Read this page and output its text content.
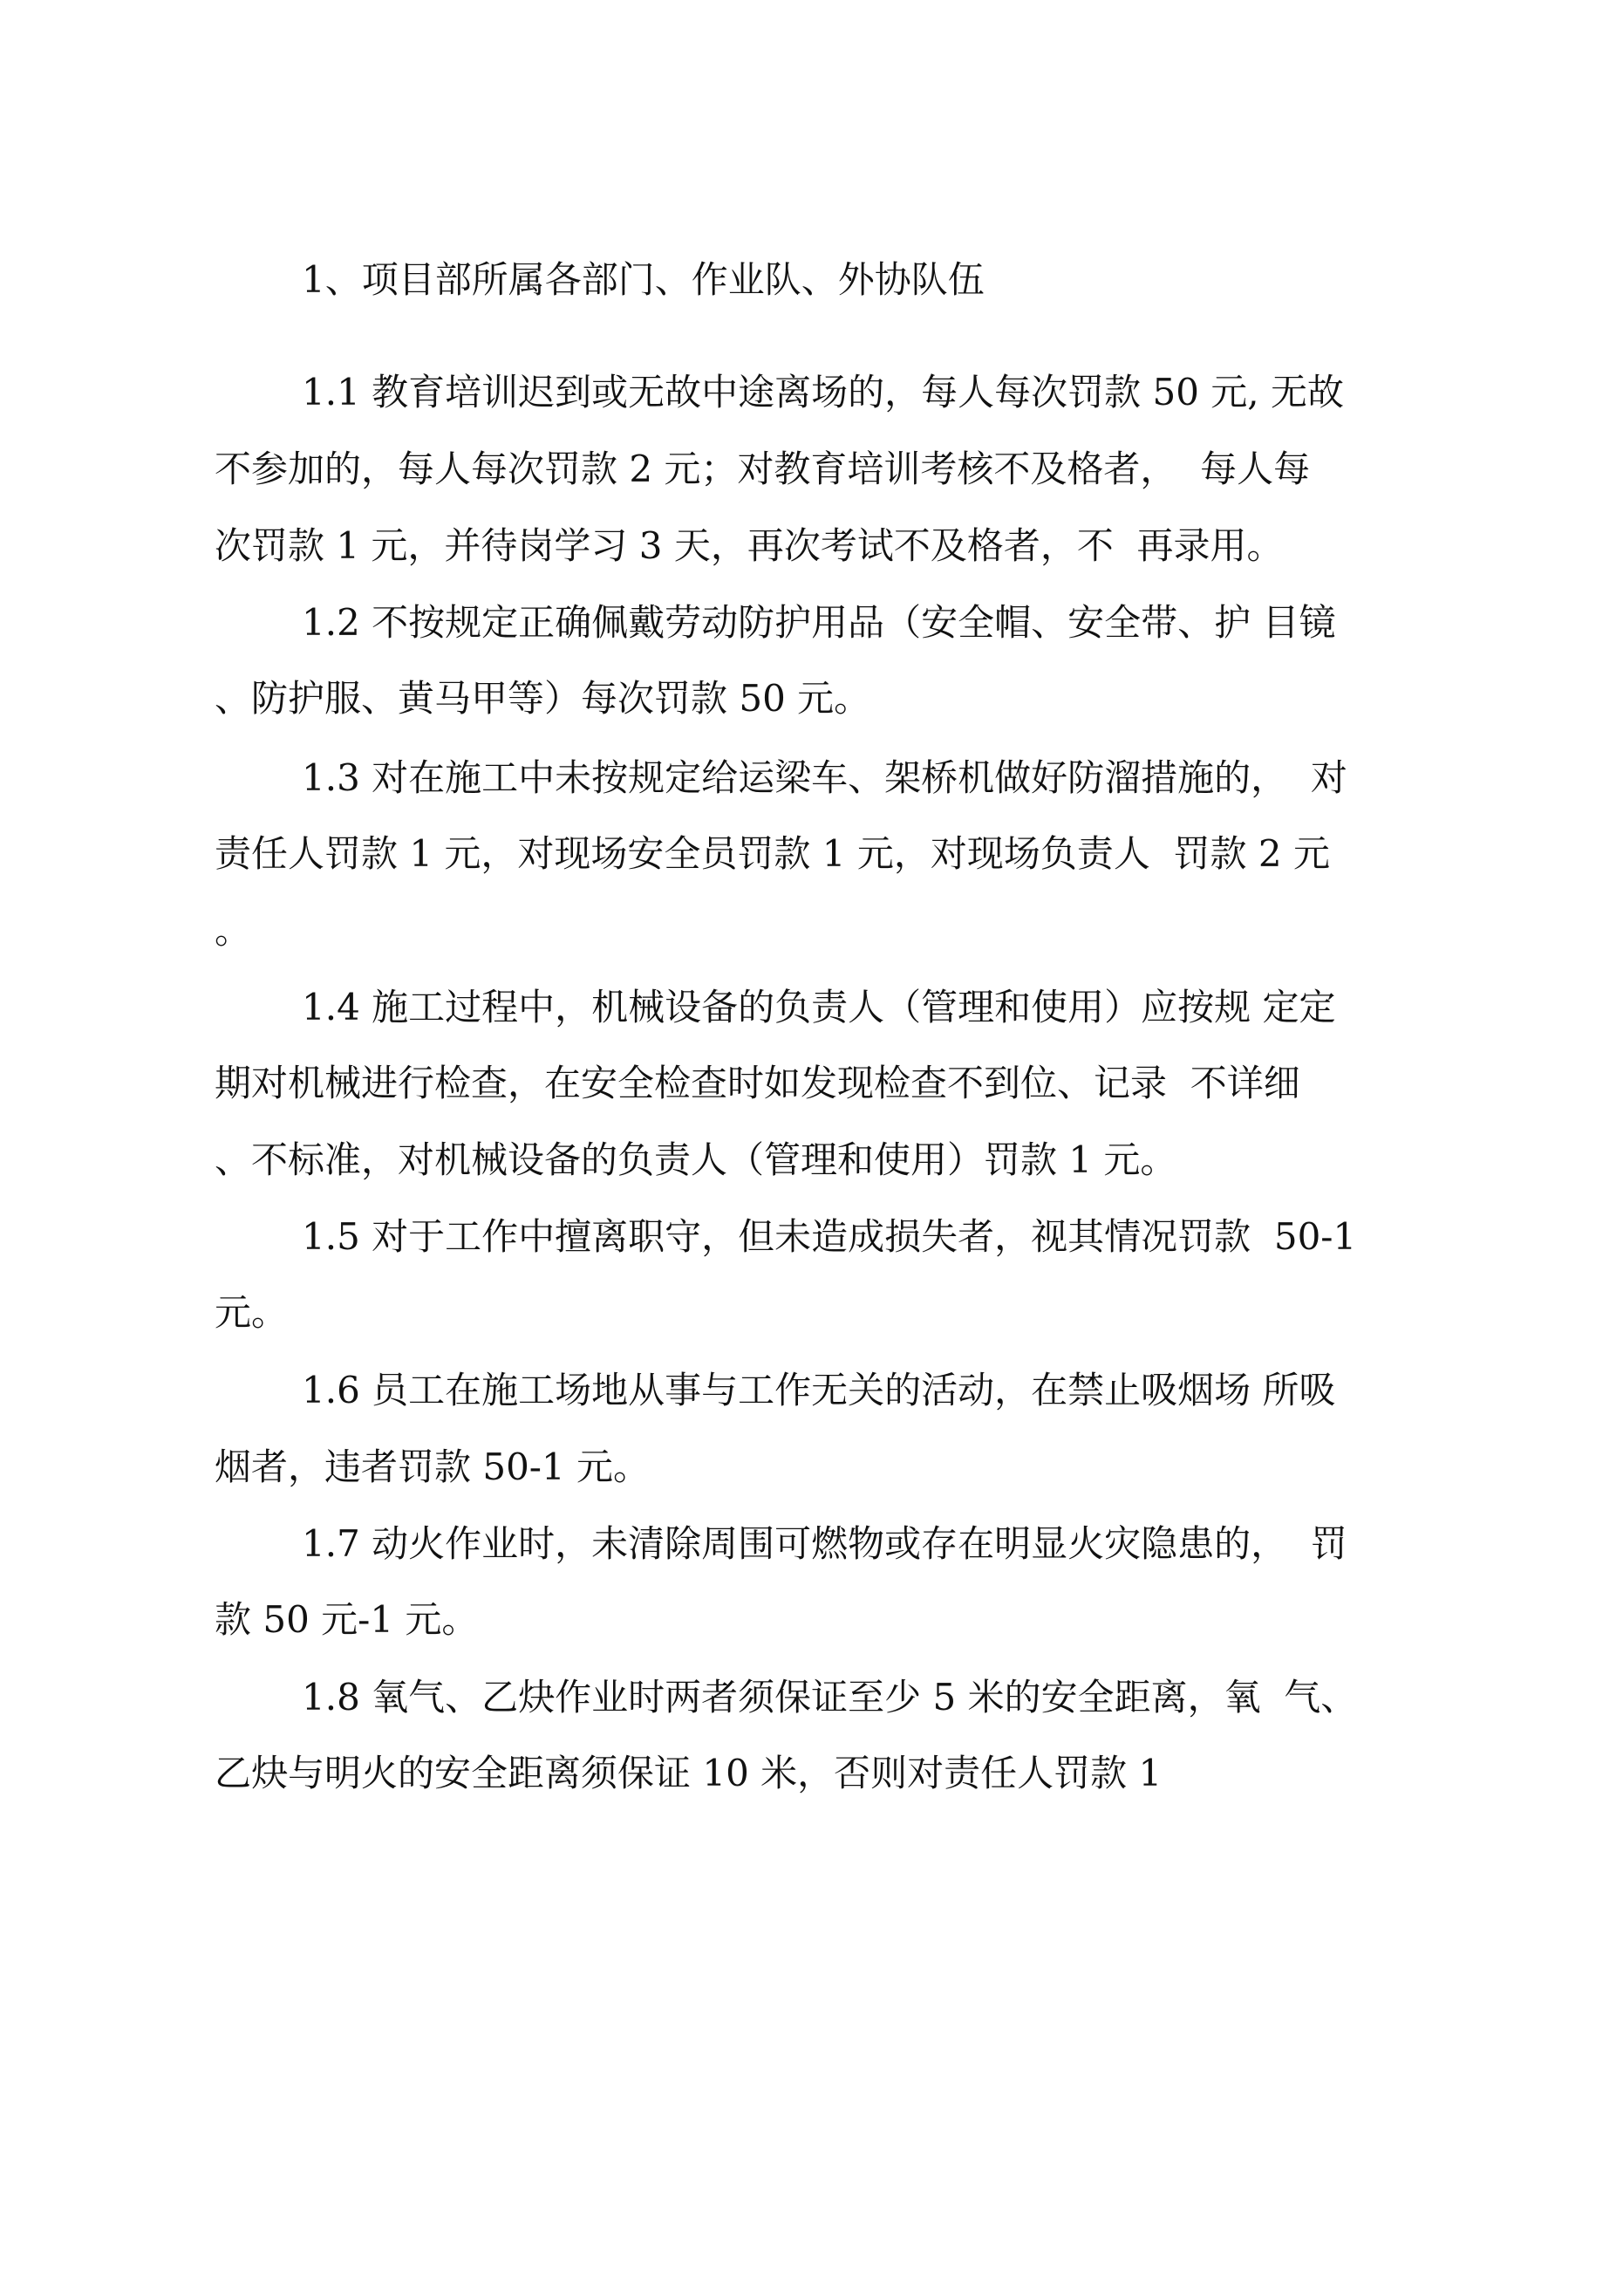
1、项目部所属各部门、作业队、外协队伍
1.1 教育培训迟到或无故中途离场的，每人每次罚款 50 元, 无故
不参加的，每人每次罚款 2 元；对教育培训考核不及格者，  每人每
次罚款 1 元，并待岗学习 3 天，再次考试不及格者，不  再录用。
1.2 不按规定正确佩戴劳动防护用品（安全帽、安全带、护 目镜
、防护服、黄马甲等）每次罚款 50 元。
1.3 对在施工中未按规定给运梁车、架桥机做好防溜措施的，  对
责任人罚款 1 元，对现场安全员罚款 1 元，对现场负责人  罚款 2 元
。
1.4 施工过程中，机械设备的负责人（管理和使用）应按规 定定
期对机械进行检查，在安全检查时如发现检查不到位、记录  不详细
、不标准，对机械设备的负责人（管理和使用）罚款 1 元。
1.5 对于工作中擅离职守，但未造成损失者，视其情况罚款  50-1
元。
1.6 员工在施工场地从事与工作无关的活动，在禁止吸烟场 所吸
烟者，违者罚款 50-1 元。
1.7 动火作业时，未清除周围可燃物或存在明显火灾隐患的，  罚
款 50 元-1 元。
1.8 氧气、乙炔作业时两者须保证至少 5 米的安全距离，氧  气、
乙炔与明火的安全距离须保证 10 米，否则对责任人罚款 1
